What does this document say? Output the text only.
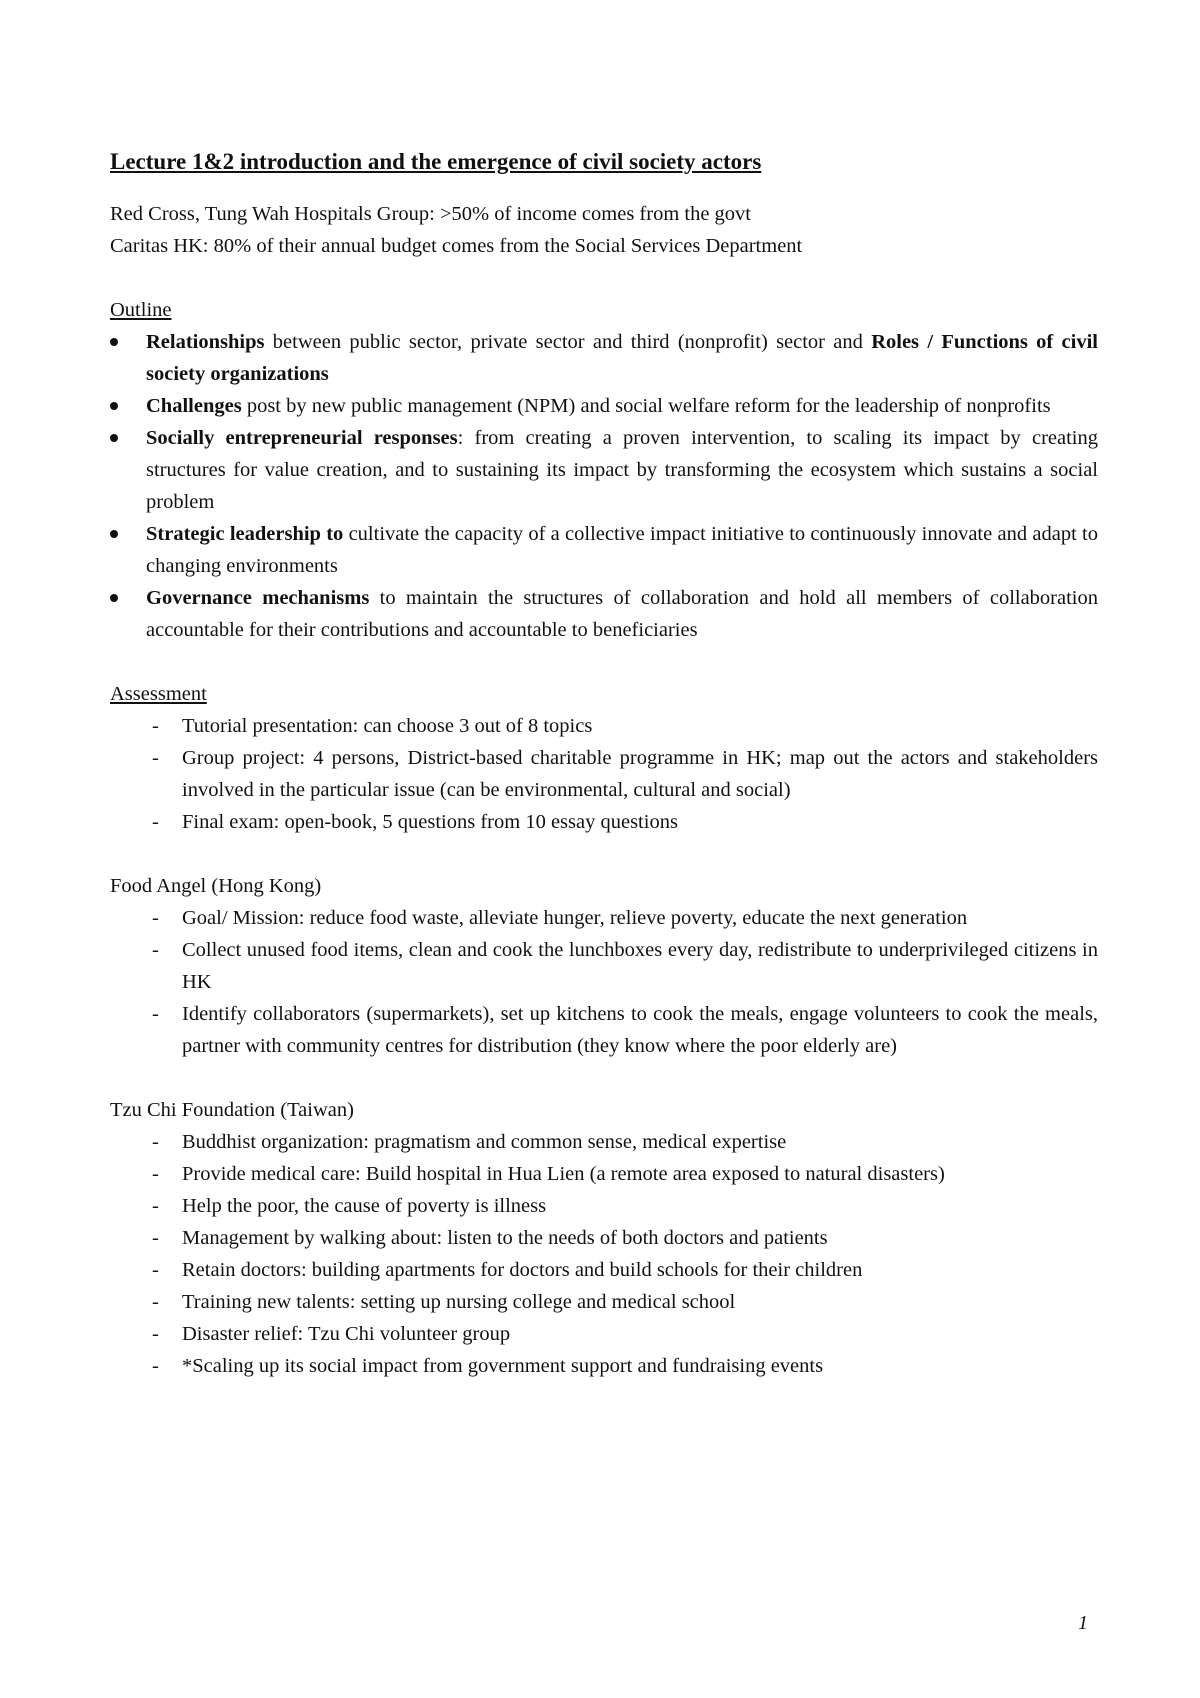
Lecture 1&2 introduction and the emergence of civil society actors

Red Cross, Tung Wah Hospitals Group: >50% of income comes from the govt

Caritas HK: 80% of their annual budget comes from the Social Services Department

Outline

Relationships between public sector, private sector and third (nonprofit) sector and Roles / Functions of civil society organizations
Challenges post by new public management (NPM) and social welfare reform for the leadership of nonprofits
Socially entrepreneurial responses: from creating a proven intervention, to scaling its impact by creating structures for value creation, and to sustaining its impact by transforming the ecosystem which sustains a social problem
Strategic leadership to cultivate the capacity of a collective impact initiative to continuously innovate and adapt to changing environments
Governance mechanisms to maintain the structures of collaboration and hold all members of collaboration accountable for their contributions and accountable to beneficiaries

Assessment

- Tutorial presentation: can choose 3 out of 8 topics
- Group project: 4 persons, District-based charitable programme in HK; map out the actors and stakeholders involved in the particular issue (can be environmental, cultural and social)
- Final exam: open-book, 5 questions from 10 essay questions

Food Angel (Hong Kong)

- Goal/ Mission: reduce food waste, alleviate hunger, relieve poverty, educate the next generation
- Collect unused food items, clean and cook the lunchboxes every day, redistribute to underprivileged citizens in HK
- Identify collaborators (supermarkets), set up kitchens to cook the meals, engage volunteers to cook the meals, partner with community centres for distribution (they know where the poor elderly are)

Tzu Chi Foundation (Taiwan)

- Buddhist organization: pragmatism and common sense, medical expertise
- Provide medical care: Build hospital in Hua Lien (a remote area exposed to natural disasters)
- Help the poor, the cause of poverty is illness
- Management by walking about: listen to the needs of both doctors and patients
- Retain doctors: building apartments for doctors and build schools for their children
- Training new talents: setting up nursing college and medical school
- Disaster relief: Tzu Chi volunteer group
- *Scaling up its social impact from government support and fundraising events
1
